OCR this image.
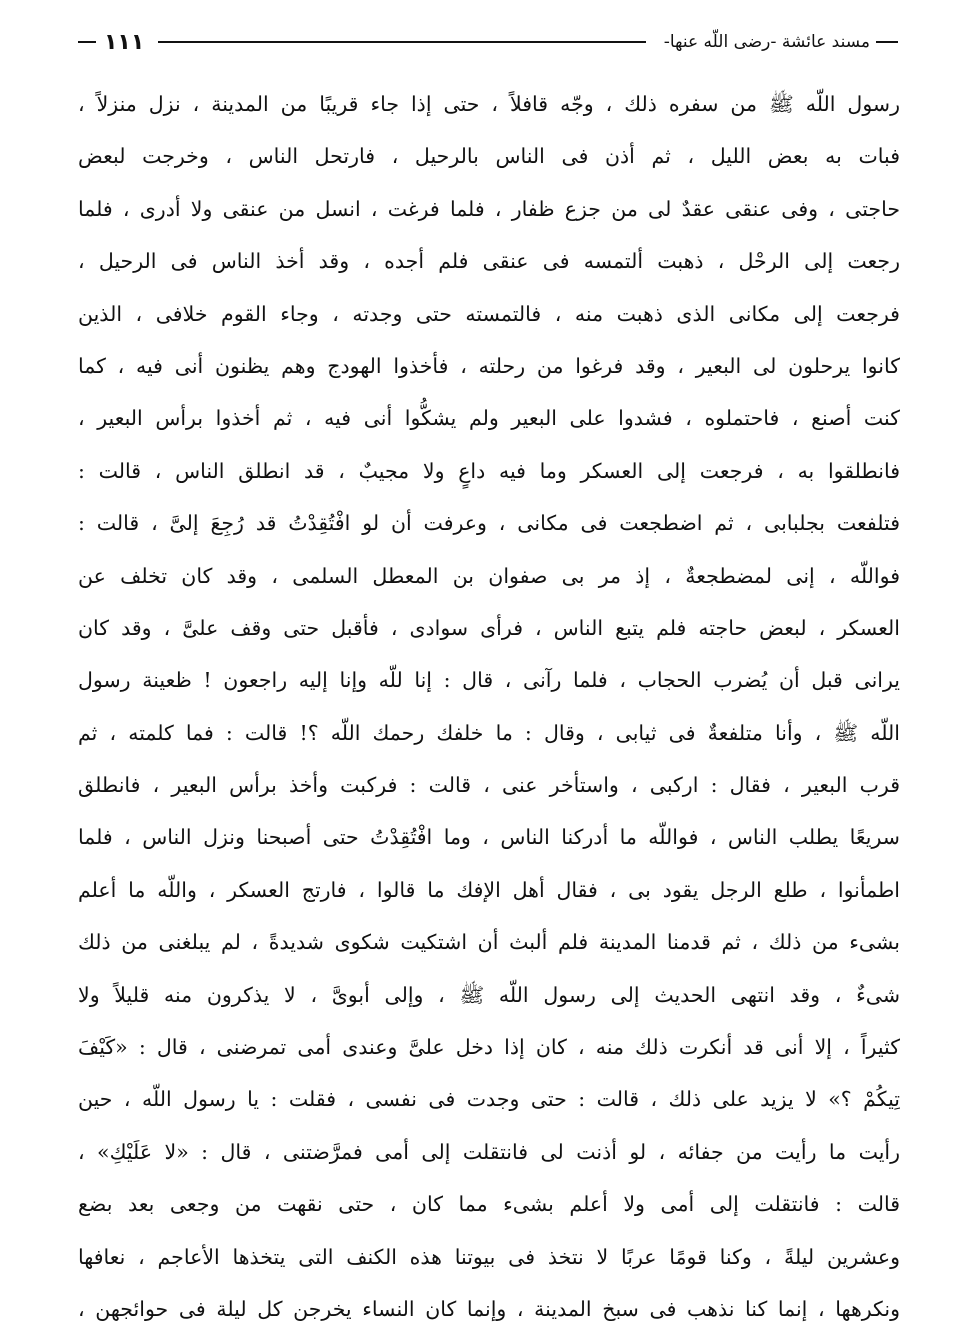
مسند عائشة -رضى اللّه عنها-
١١١
رسول اللّه ﷺ من سفره ذلك ، وجّه قافلاً ، حتى إذا جاء قريبًا من المدينة ، نزل منزلاً ،
فبات به بعض الليل ، ثم أذن فى الناس بالرحيل ، فارتحل الناس ، وخرجت لبعض
حاجتى ، وفى عنقى عقدٌ لى من جزع ظفار ، فلما فرغت ، انسل من عنقى ولا أدرى ، فلما
رجعت إلى الرحْل ، ذهبت ألتمسه فى عنقى فلم أجده ، وقد أخذ الناس فى الرحيل ،
فرجعت إلى مكانى الذى ذهبت منه ، فالتمسته حتى وجدته ، وجاء القوم خلافى ، الذين
كانوا يرحلون لى البعير ، وقد فرغوا من رحلته ، فأخذوا الهودج وهم يظنون أنى فيه ، كما
كنت أصنع ، فاحتملوه ، فشدوا على البعير ولم يشكُّوا أنى فيه ، ثم أخذوا برأس البعير ،
فانطلقوا به ، فرجعت إلى العسكر وما فيه داعٍ ولا مجيبٌ ، قد انطلق الناس ، قالت :
فتلفعت بجلبابى ، ثم اضطجعت فى مكانى ، وعرفت أن لو افْتُقِدْتُ قد رُجِعَ إلىَّ ، قالت :
فواللّه ، إنى لمضطجعةٌ ، إذ مر بى صفوان بن المعطل السلمى ، وقد كان تخلف عن
العسكر ، لبعض حاجته فلم يتبع الناس ، فرأى سوادى ، فأقبل حتى وقف علىَّ ، وقد كان
يرانى قبل أن يُضرب الحجاب ، فلما رآنى ، قال : إنا للّه وإنا إليه راجعون ! ظعينة رسول
اللّه ﷺ ، وأنا متلفعةٌ فى ثيابى ، وقال : ما خلفك رحمك اللّه ؟! قالت : فما كلمته ، ثم
قرب البعير ، فقال : اركبى ، واستأخر عنى ، قالت : فركبت وأخذ برأس البعير ، فانطلق
سريعًا يطلب الناس ، فواللّه ما أدركنا الناس ، وما افْتُقِدْتُ حتى أصبحنا ونزل الناس ، فلما
اطمأنوا ، طلع الرجل يقود بى ، فقال أهل الإفك ما قالوا ، فارتج العسكر ، واللّه ما أعلم
بشىء من ذلك ، ثم قدمنا المدينة فلم ألبث أن اشتكيت شكوى شديدةً ، لم يبلغنى من ذلك
شىءٌ ، وقد انتهى الحديث إلى رسول اللّه ﷺ ، وإلى أبوىَّ ، لا يذكرون منه قليلاً ولا
كثيراً ، إلا أنى قد أنكرت ذلك منه ، كان إذا دخل علىَّ وعندى أمى تمرضنى ، قال : «كَيْفَ
تِيكُمْ ؟» لا يزيد على ذلك ، قالت : حتى وجدت فى نفسى ، فقلت : يا رسول اللّه ، حين
رأيت ما رأيت من جفائه ، لو أذنت لى فانتقلت إلى أمى فمرَّضتنى ، قال : «لا عَلَيْكِ» ،
قالت : فانتقلت إلى أمى ولا أعلم بشىء مما كان ، حتى نقهت من وجعى بعد بضع
وعشرين ليلةً ، وكنا قومًا عربًا لا نتخذ فى بيوتنا هذه الكنف التى يتخذها الأعاجم ، نعافها
ونكرهها ، إنما كنا نذهب فى سبخ المدينة ، وإنما كان النساء يخرجن كل ليلة فى حوائجهن ،
